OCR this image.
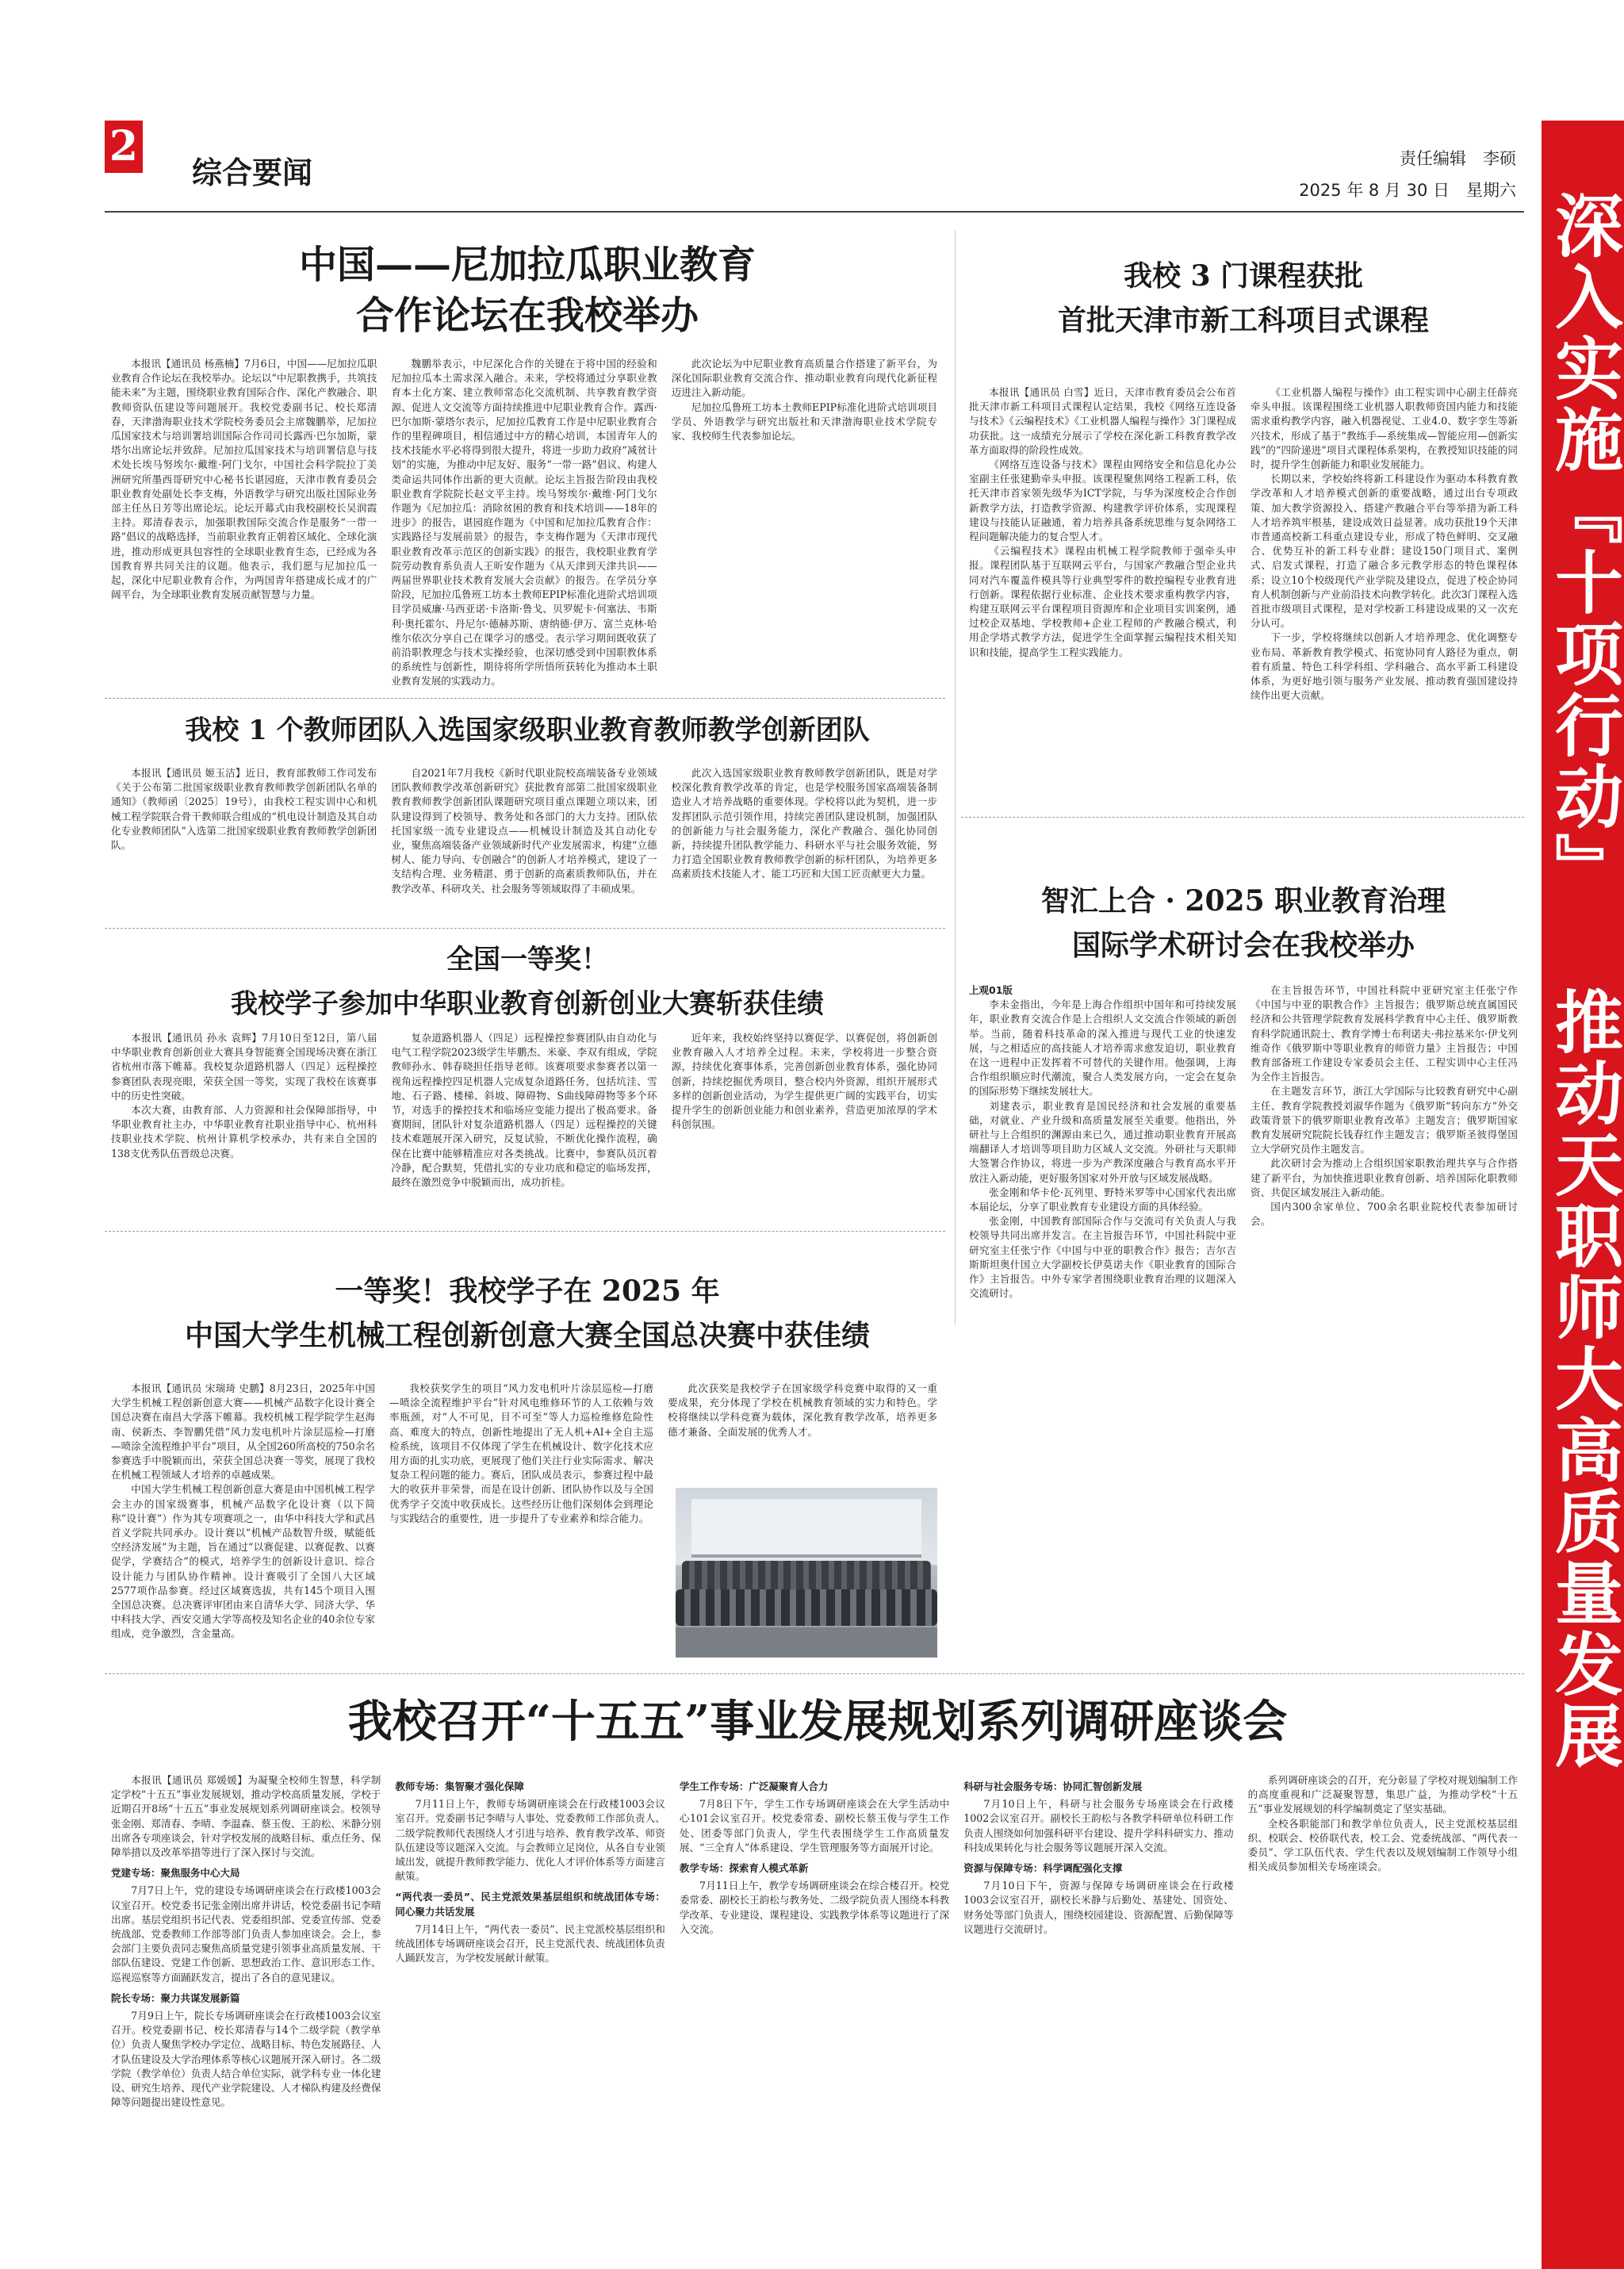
2
综合要闻	责任编辑　李硕
2025 年 8 月 30 日　星期六 深入实施『十项行动』 推动天职师大高质量发展
中国——尼加拉瓜职业教育
合作论坛在我校举办

本报讯【通讯员 杨燕楠】7月6日，中国——尼加拉瓜职业教育合作论坛在我校举办。论坛以“中尼职教携手，共筑技能未来”为主题，围绕职业教育国际合作、深化产教融合、职教师资队伍建设等问题展开。我校党委副书记、校长郑清春，天津渤海职业技术学院校务委员会主席魏鹏举，尼加拉瓜国家技术与培训署培训国际合作司司长露西·巴尔加斯，蒙塔尔出席论坛并致辞。尼加拉瓜国家技术与培训署信息与技术处长埃马努埃尔·戴维·阿门戈尔，中国社会科学院拉丁美洲研究所墨西哥研究中心秘书长谌园庭，天津市教育委员会职业教育处副处长李支梅，外语教学与研究出版社国际业务部主任丛日芳等出席论坛。论坛开幕式由我校副校长吴润霞主持。郑清春表示，加强职教国际交流合作是服务“一带一路”倡议的战略选择，当前职业教育正朝着区域化、全球化演进，推动形成更具包容性的全球职业教育生态，已经成为各国教育界共同关注的议题。他表示，我们愿与尼加拉瓜一起，深化中尼职业教育合作，为两国青年搭建成长成才的广阔平台，为全球职业教育发展贡献智慧与力量。

魏鹏举表示，中尼深化合作的关键在于将中国的经验和尼加拉瓜本土需求深入融合。未来，学校将通过分享职业教育本土化方案、建立教师常态化交流机制、共享教育教学资源、促进人文交流等方面持续推进中尼职业教育合作。露西·巴尔加斯·蒙塔尔表示，尼加拉瓜教育工作是中尼职业教育合作的里程碑项目，相信通过中方的精心培训，本国青年人的技术技能水平必将得到很大提升，将进一步助力政府“减贫计划”的实施，为推动中尼友好、服务“一带一路”倡议、构建人类命运共同体作出新的更大贡献。论坛主旨报告阶段由我校职业教育学院院长赵文平主持。埃马努埃尔·戴维·阿门戈尔作题为《尼加拉瓜：消除贫困的教育和技术培训——18年的进步》的报告，谌园庭作题为《中国和尼加拉瓜教育合作：实践路径与发展前景》的报告，李支梅作题为《天津市现代职业教育改革示范区的创新实践》的报告，我校职业教育学院劳动教育系负责人王昕安作题为《从天津到天津共识——两届世界职业技术教育发展大会贡献》的报告。在学员分享阶段，尼加拉瓜鲁班工坊本土教师EPIP标准化进阶式培训项目学员威廉·马西亚诺·卡洛斯·鲁戈、贝罗妮卡·何塞法、韦斯利·奥托霍尔、丹尼尔·德赫苏斯、唐纳德·伊万、富兰克林·哈维尔依次分享自己在课学习的感受。表示学习期间既收获了前沿职教理念与技术实操经验，也深切感受到中国职教体系的系统性与创新性，期待将所学所悟所获转化为推动本土职业教育发展的实践动力。

此次论坛为中尼职业教育高质量合作搭建了新平台，为深化国际职业教育交流合作、推动职业教育向现代化新征程迈进注入新动能。

尼加拉瓜鲁班工坊本土教师EPIP标准化进阶式培训项目学员、外语教学与研究出版社和天津渤海职业技术学院专家、我校师生代表参加论坛。

我校 3 门课程获批
首批天津市新工科项目式课程

本报讯【通讯员 白雪】近日，天津市教育委员会公布首批天津市新工科项目式课程认定结果，我校《网络互连设备与技术》《云编程技术》《工业机器人编程与操作》3门课程成功获批。这一成绩充分展示了学校在深化新工科教育教学改革方面取得的阶段性成效。

《网络互连设备与技术》课程由网络安全和信息化办公室副主任张建勤牵头申报。该课程聚焦网络工程新工科，依托天津市首家领先级华为ICT学院，与华为深度校企合作创新教学方法，打造教学资源、构建教学评价体系，实现课程建设与技能认证融通，着力培养具备系统思维与复杂网络工程问题解决能力的复合型人才。

《云编程技术》课程由机械工程学院教师于强牵头申报。课程团队基于互联网云平台，与国家产教融合型企业共同对汽车覆盖件模具等行业典型零件的数控编程专业教育进行创新。课程依据行业标准、企业技术要求重构教学内容，构建互联网云平台课程项目资源库和企业项目实训案例，通过校企双基地、学校教师+企业工程师的产教融合模式，利用企学塔式教学方法，促进学生全面掌握云编程技术相关知识和技能，提高学生工程实践能力。

《工业机器人编程与操作》由工程实训中心副主任薛亮牵头申报。该课程围绕工业机器人职教师资国内能力和技能需求重构教学内容，融入机器视觉、工业4.0、数字孪生等新兴技术，形成了基于“教练手—系统集成—智能应用—创新实践”的“四阶递进”项目式课程体系架构，在教授知识技能的同时，提升学生创新能力和职业发展能力。

长期以来，学校始终将新工科建设作为驱动本科教育教学改革和人才培养模式创新的重要战略，通过出台专项政策、加大教学资源投入、搭建产教融合平台等举措为新工科人才培养筑牢根基，建设成效日益显著。成功获批19个天津市普通高校新工科重点建设专业，形成了特色鲜明、交叉融合、优势互补的新工科专业群；建设150门项目式、案例式、启发式课程，打造了融合多元教学形态的特色课程体系；设立10个校级现代产业学院及建设点，促进了校企协同育人机制创新与产业前沿技术向教学转化。此次3门课程入选首批市级项目式课程，是对学校新工科建设成果的又一次充分认可。

下一步，学校将继续以创新人才培养理念、优化调整专业布局、革新教育教学模式、拓宽协同育人路径为重点，朝着有质量、特色工科学科组、学科融合、高水平新工科建设体系，为更好地引领与服务产业发展、推动教育强国建设持续作出更大贡献。

我校 1 个教师团队入选国家级职业教育教师教学创新团队

本报讯【通讯员 姬玉洁】近日，教育部教师工作司发布《关于公布第二批国家级职业教育教师教学创新团队名单的通知》（教师函〔2025〕19号），由我校工程实训中心和机械工程学院联合骨干教师联合组成的“机电设计制造及其自动化专业教师团队”入选第二批国家级职业教育教师教学创新团队。

自2021年7月我校《新时代职业院校高端装备专业领域团队教师教学改革创新研究》获批教育部第二批国家级职业教育教师教学创新团队课题研究项目重点课题立项以来，团队建设得到了校领导、教务处和各部门的大力支持。团队依托国家级一流专业建设点——机械设计制造及其自动化专业，聚焦高端装备产业领域新时代产业发展需求，构建“立德树人、能力导向、专创融合”的创新人才培养模式，建设了一支结构合理、业务精湛、勇于创新的高素质教师队伍，并在教学改革、科研攻关、社会服务等领域取得了丰硕成果。

此次入选国家级职业教育教师教学创新团队，既是对学校深化教育教学改革的肯定，也是学校服务国家高端装备制造业人才培养战略的重要体现。学校将以此为契机，进一步发挥团队示范引领作用，持续完善团队建设机制，加强团队的创新能力与社会服务能力，深化产教融合、强化协同创新，持续提升团队教学能力、科研水平与社会服务效能，努力打造全国职业教育教师教学创新的标杆团队，为培养更多高素质技术技能人才、能工巧匠和大国工匠贡献更大力量。

全国一等奖！
我校学子参加中华职业教育创新创业大赛斩获佳绩

本报讯【通讯员 孙永 袁辉】7月10日至12日，第八届中华职业教育创新创业大赛具身智能赛全国现场决赛在浙江省杭州市落下帷幕。我校复杂道路机器人（四足）远程操控参赛团队表现亮眼，荣获全国一等奖，实现了我校在该赛事中的历史性突破。

本次大赛，由教育部、人力资源和社会保障部指导，中华职业教育社主办，中华职业教育社职业指导中心、杭州科技职业技术学院、杭州计算机学校承办，共有来自全国的138支优秀队伍晋级总决赛。

复杂道路机器人（四足）远程操控参赛团队由自动化与电气工程学院2023级学生毕鹏杰、米豪、李双有组成，学院教师孙永、韩春晓担任指导老师。该赛项要求参赛者以第一视角远程操控四足机器人完成复杂道路任务，包括坑洼、雪地、石子路、楼梯、斜坡、障碍物、S曲线障碍物等多个环节，对选手的操控技术和临场应变能力提出了极高要求。备赛期间，团队针对复杂道路机器人（四足）远程操控的关键技术难题展开深入研究，反复试验，不断优化操作流程，确保在比赛中能够精准应对各类挑战。比赛中，参赛队员沉着冷静，配合默契，凭借扎实的专业功底和稳定的临场发挥，最终在激烈竞争中脱颖而出，成功折桂。

近年来，我校始终坚持以赛促学、以赛促创，将创新创业教育融入人才培养全过程。未来，学校将进一步整合资源，持续优化赛事体系，完善创新创业教育体系，强化协同创新，持续挖掘优秀项目，整合校内外资源，组织开展形式多样的创新创业活动，为学生提供更广阔的实践平台，切实提升学生的创新创业能力和创业素养，营造更加浓厚的学术科创氛围。

智汇上合 · 2025 职业教育治理
国际学术研讨会在我校举办
上观01版

李未金指出，今年是上海合作组织中国年和可持续发展年，职业教育交流合作是上合组织人文交流合作领域的新创举。当前，随着科技革命的深入推进与现代工业的快速发展，与之相适应的高技能人才培养需求愈发迫切，职业教育在这一进程中正发挥着不可替代的关键作用。他强调，上海合作组织顺应时代潮流，聚合人类发展方向，一定会在复杂的国际形势下继续发展壮大。

刘建表示，职业教育是国民经济和社会发展的重要基础，对就业、产业升级和高质量发展至关重要。他指出，外研社与上合组织的渊源由来已久，通过推动职业教育开展高端翻译人才培训等项目助力区域人文交流。外研社与天职师大签署合作协议，将进一步为产教深度融合与教育高水平开放注入新动能，更好服务国家对外开放与区域发展战略。

张金刚和华卡伦·瓦列里、野特米罗等中心国家代表出席本届论坛，分享了职业教育专业建设方面的具体经验。

张金刚，中国教育部国际合作与交流司有关负责人与我校领导共同出席并发言。在主旨报告环节，中国社科院中亚研究室主任张宁作《中国与中亚的职教合作》报告；吉尔吉斯斯坦奥什国立大学副校长伊莫诺夫作《职业教育的国际合作》主旨报告。中外专家学者围绕职业教育治理的议题深入交流研讨。

在主旨报告环节，中国社科院中亚研究室主任张宁作《中国与中亚的职教合作》主旨报告；俄罗斯总统直属国民经济和公共管理学院教育发展科学教育中心主任、俄罗斯教育科学院通讯院士、教育学博士布利诺夫·弗拉基米尔·伊戈列维奇作《俄罗斯中等职业教育的师资力量》主旨报告；中国教育部备班工作建设专家委员会主任、工程实训中心主任冯为全作主旨报告。

在主题发言环节，浙江大学国际与比较教育研究中心副主任、教育学院教授刘淑华作题为《俄罗斯“转向东方”外交政策背景下的俄罗斯职业教育改革》主题发言；俄罗斯国家教育发展研究院院长钱春红作主题发言；俄罗斯圣彼得堡国立大学研究员作主题发言。

此次研讨会为推动上合组织国家职教治理共享与合作搭建了新平台，为加快推进职业教育创新、培养国际化职教师资、共促区域发展注入新动能。

国内300余家单位、700余名职业院校代表参加研讨会。

一等奖！我校学子在 2025 年
中国大学生机械工程创新创意大赛全国总决赛中获佳绩

本报讯【通讯员 宋瑞琦 史鹏】8月23日，2025年中国大学生机械工程创新创意大赛——机械产品数字化设计赛全国总决赛在南昌大学落下帷幕。我校机械工程学院学生赵海南、侯新杰、李智鹏凭借“风力发电机叶片涂层巡检—打磨—喷涂全流程维护平台”项目，从全国260所高校的750余名参赛选手中脱颖而出，荣获全国总决赛一等奖，展现了我校在机械工程领域人才培养的卓越成果。

中国大学生机械工程创新创意大赛是由中国机械工程学会主办的国家级赛事，机械产品数字化设计赛（以下简称“设计赛”）作为其专项赛项之一，由华中科技大学和武昌首义学院共同承办。设计赛以“机械产品数智升级，赋能低空经济发展”为主题，旨在通过“以赛促建、以赛促教、以赛促学，学赛结合”的模式，培养学生的创新设计意识、综合设计能力与团队协作精神。设计赛吸引了全国八大区域2577项作品参赛。经过区域赛选拔，共有145个项目入围全国总决赛。总决赛评审团由来自清华大学、同济大学、华中科技大学、西安交通大学等高校及知名企业的40余位专家组成，竞争激烈，含金量高。

我校获奖学生的项目“风力发电机叶片涂层巡检—打磨—喷涂全流程维护平台”针对风电维修环节的人工依赖与效率瓶颈，对“人不可见，目不可至”等人力巡检维修危险性高、难度大的特点，创新性地提出了无人机+AI+全自主巡检系统，该项目不仅体现了学生在机械设计、数字化技术应用方面的扎实功底，更展现了他们关注行业实际需求、解决复杂工程问题的能力。赛后，团队成员表示，参赛过程中最大的收获并非荣誉，而是在设计创新、团队协作以及与全国优秀学子交流中收获成长。这些经历让他们深刻体会到理论与实践结合的重要性，进一步提升了专业素养和综合能力。

此次获奖是我校学子在国家级学科竞赛中取得的又一重要成果，充分体现了学校在机械教育领域的实力和特色。学校将继续以学科竞赛为载体，深化教育教学改革，培养更多德才兼备、全面发展的优秀人才。

我校召开“十五五”事业发展规划系列调研座谈会

本报讯【通讯员 郑媛媛】为凝聚全校师生智慧，科学制定学校“十五五”事业发展规划，推动学校高质量发展，学校于近期召开8场“十五五”事业发展规划系列调研座谈会。校领导张金刚、郑清春、李晴、李温森、蔡玉俊、王韵松、米静分别出席各专项座谈会，针对学校发展的战略目标、重点任务、保障举措以及改革举措等进行了深入探讨与交流。

党建专场：聚焦服务中心大局

7月7日上午，党的建设专场调研座谈会在行政楼1003会议室召开。校党委书记张金刚出席并讲话，校党委副书记李晴出席。基层党组织书记代表、党委组织部、党委宣传部、党委统战部、党委教师工作部等部门负责人参加座谈会。会上，参会部门主要负责同志聚焦高质量党建引领事业高质量发展、干部队伍建设、党建工作创新、思想政治工作、意识形态工作、巡视巡察等方面踊跃发言，提出了各自的意见建议。

院长专场：聚力共谋发展新篇

7月9日上午，院长专场调研座谈会在行政楼1003会议室召开。校党委副书记、校长郑清春与14个二级学院（教学单位）负责人聚焦学校办学定位、战略目标、特色发展路径、人才队伍建设及大学治理体系等核心议题展开深入研讨。各二级学院（教学单位）负责人结合单位实际，就学科专业一体化建设、研究生培养、现代产业学院建设、人才梯队构建及经费保障等问题提出建设性意见。

教师专场：集智聚才强化保障

7月11日上午，教师专场调研座谈会在行政楼1003会议室召开。党委副书记李晴与人事处、党委教师工作部负责人、二级学院教师代表围绕人才引进与培养、教育教学改革、师资队伍建设等议题深入交流。与会教师立足岗位，从各自专业领域出发，就提升教师教学能力、优化人才评价体系等方面建言献策。

“两代表一委员”、民主党派效果基层组织和统战团体专场：同心聚力共话发展

7月14日上午，“两代表一委员”、民主党派校基层组织和统战团体专场调研座谈会召开，民主党派代表、统战团体负责人踊跃发言，为学校发展献计献策。

学生工作专场：广泛凝聚育人合力

7月8日下午，学生工作专场调研座谈会在大学生活动中心101会议室召开。校党委常委、副校长蔡玉俊与学生工作处、团委等部门负责人，学生代表围绕学生工作高质量发展、“三全育人”体系建设、学生管理服务等方面展开讨论。

教学专场：探索育人模式革新

7月11日上午，教学专场调研座谈会在综合楼召开。校党委常委、副校长王韵松与教务处、二级学院负责人围绕本科教学改革、专业建设、课程建设、实践教学体系等议题进行了深入交流。

科研与社会服务专场：协同汇智创新发展

7月10日上午，科研与社会服务专场座谈会在行政楼1002会议室召开。副校长王韵松与各教学科研单位科研工作负责人围绕如何加强科研平台建设、提升学科科研实力、推动科技成果转化与社会服务等议题展开深入交流。

资源与保障专场：科学调配强化支撑

7月10日下午，资源与保障专场调研座谈会在行政楼1003会议室召开，副校长米静与后勤处、基建处、国资处、财务处等部门负责人，围绕校园建设、资源配置、后勤保障等议题进行交流研讨。

系列调研座谈会的召开，充分彰显了学校对规划编制工作的高度重视和广泛凝聚智慧，集思广益，为推动学校“十五五”事业发展规划的科学编制奠定了坚实基础。

全校各职能部门和教学单位负责人，民主党派校基层组织、校联会、校侨联代表，校工会、党委统战部、“两代表一委员”、学工队伍代表、学生代表以及规划编制工作领导小组相关成员参加相关专场座谈会。
